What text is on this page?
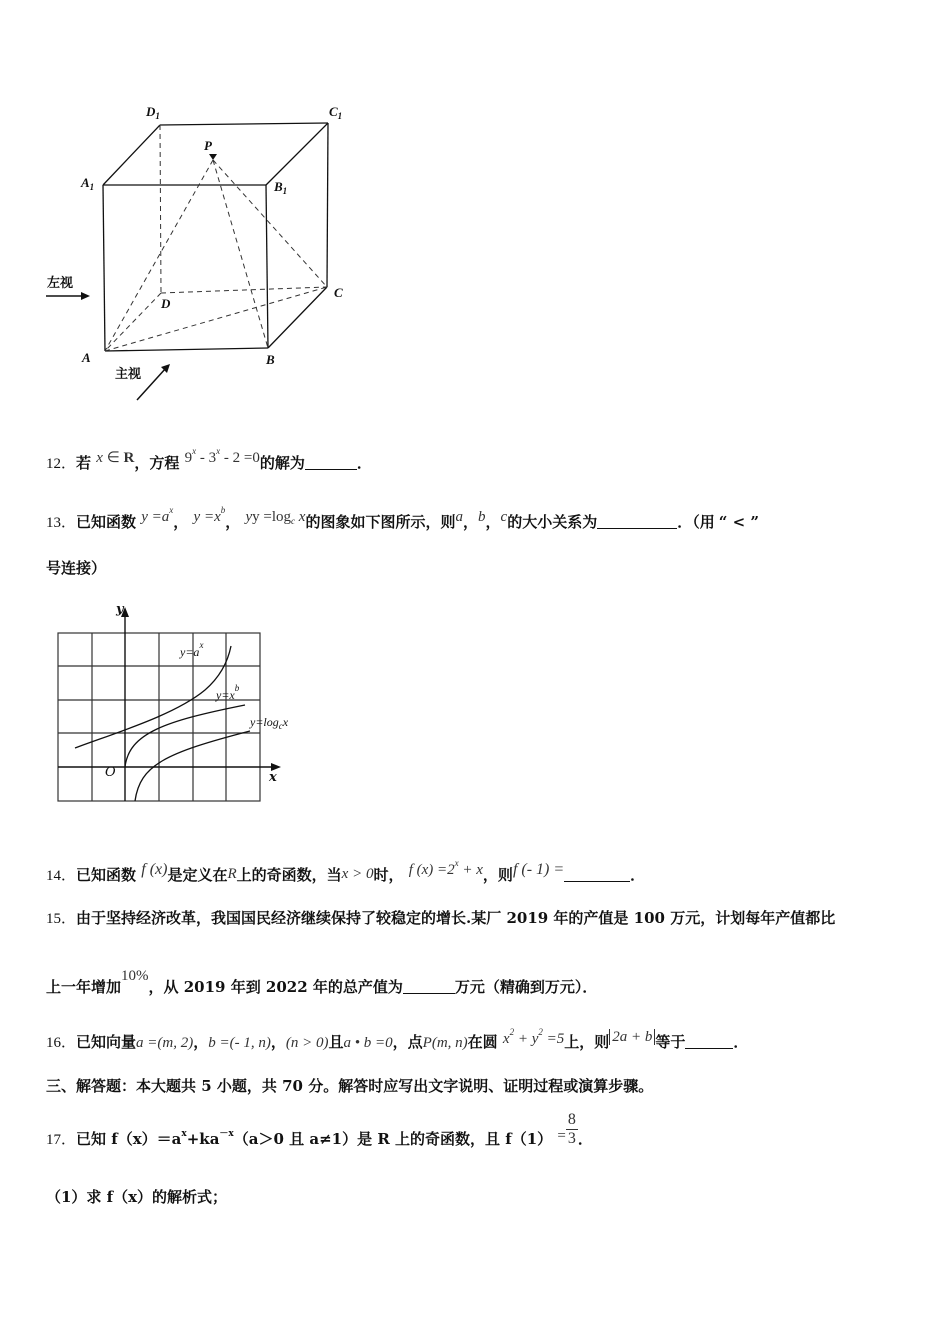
$D_1$	$C_1$
P
$A_1$	$B_1$
D
C
A	B
左视
主视
12．若 x ∈ R，方程 9$^x$ - 3$^x$ - 2 =0的解为	．
13．已知函数 $y =a^x$， $y =x^b$， yy $=\log_c$ x的图象如下图所示，则a，b，c的大小关系为	．（用 “ < ”
号连接）
y
x
O
$y=a^x$
$y=x^b$
$y=\log_cx$
14．已知函数 f (x)是定义在R上的奇函数，当x > 0时， f $(x) =2^x + x$，则f (- 1) =	．
15．由于坚持经济改革，我国国民经济继续保持了较稳定的增长.某厂 2019 年的产值是 100 万元，计划每年产值都比
上一年增加10%，从 2019 年到 2022 年的总产值为	万元（精确到万元）．
16．已知向量a =(m, 2)，b =(- 1, n)，(n > 0)且a • b =0，点P(m, n)在圆 $x^2 + y^2 =5$上，则 2a + b 等于	．
三、解答题：本大题共 5 小题，共 70 分。解答时应写出文字说明、证明过程或演算步骤。
17．已知 $f(x)=a^x+ka^{-x}(a>0$ 且 a≠1）是 R 上的奇函数，且 $f(1) = \frac{8}{3}$ ．
（1）求 f（x）的解析式；
